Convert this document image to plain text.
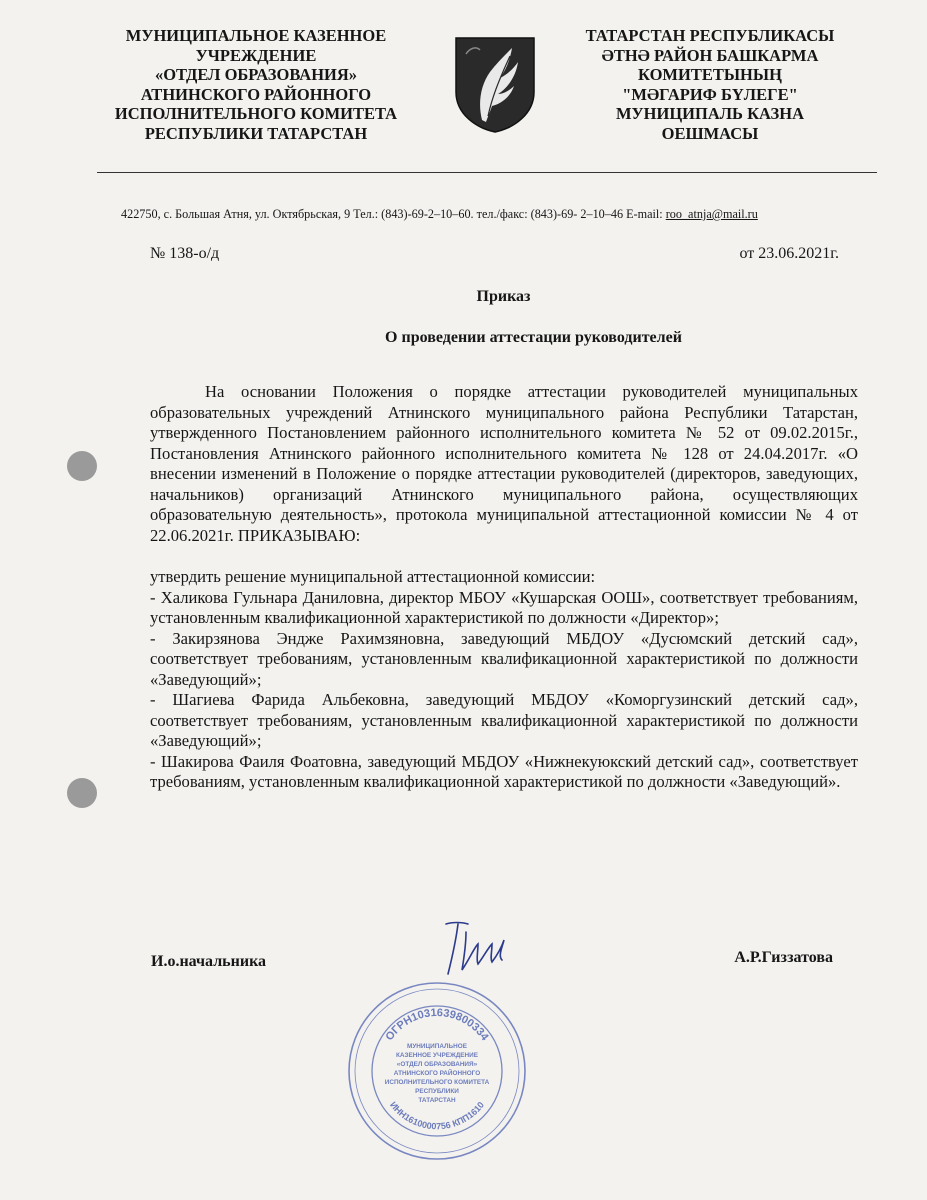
МУНИЦИПАЛЬНОЕ КАЗЕННОЕ
УЧРЕЖДЕНИЕ
«ОТДЕЛ ОБРАЗОВАНИЯ»
АТНИНСКОГО РАЙОННОГО
ИСПОЛНИТЕЛЬНОГО КОМИТЕТА
РЕСПУБЛИКИ ТАТАРСТАН
ТАТАРСТАН РЕСПУБЛИКАСЫ
ӘТНӘ РАЙОН БАШКАРМА
КОМИТЕТЫНЫҢ
"МӘГАРИФ БҮЛЕГЕ"
МУНИЦИПАЛЬ КАЗНА
ОЕШМАСЫ
422750, с. Большая Атня, ул. Октябрьская, 9 Тел.: (843)-69-2–10–60. тел./факс: (843)-69- 2–10–46 E-mail: roo_atnja@mail.ru
№ 138-о/д	от 23.06.2021г.
Приказ
О проведении аттестации руководителей

На основании Положения о порядке аттестации руководителей муниципальных образовательных учреждений Атнинского муниципального района Республики Татарстан, утвержденного Постановлением районного исполнительного комитета № 52 от 09.02.2015г., Постановления Атнинского районного исполнительного комитета № 128 от 24.04.2017г. «О внесении изменений в Положение о порядке аттестации руководителей (директоров, заведующих, начальников) организаций Атнинского муниципального района, осуществляющих образовательную деятельность», протокола муниципальной аттестационной комиссии № 4 от 22.06.2021г. ПРИКАЗЫВАЮ:

утвердить решение муниципальной аттестационной комиссии:

- Халикова Гульнара Даниловна, директор МБОУ «Кушарская ООШ», соответствует требованиям, установленным квалификационной характеристикой по должности «Директор»;

- Закирзянова Эндже Рахимзяновна, заведующий МБДОУ «Дусюмский детский сад», соответствует требованиям, установленным квалификационной характеристикой по должности «Заведующий»;

- Шагиева Фарида Альбековна, заведующий МБДОУ «Коморгузинский детский сад», соответствует требованиям, установленным квалификационной характеристикой по должности «Заведующий»;

- Шакирова Фаиля Фоатовна, заведующий МБДОУ «Нижнекуюкский детский сад», соответствует требованиям, установленным квалификационной характеристикой по должности «Заведующий».

И.о.начальника	А.Р.Гиззатова
ОГРН1031639800334
ИНН1610000756 КПП1610
МУНИЦИПАЛЬНОЕ
КАЗЕННОЕ УЧРЕЖДЕНИЕ
«ОТДЕЛ ОБРАЗОВАНИЯ»
АТНИНСКОГО РАЙОННОГО
ИСПОЛНИТЕЛЬНОГО КОМИТЕТА
РЕСПУБЛИКИ
ТАТАРСТАН
